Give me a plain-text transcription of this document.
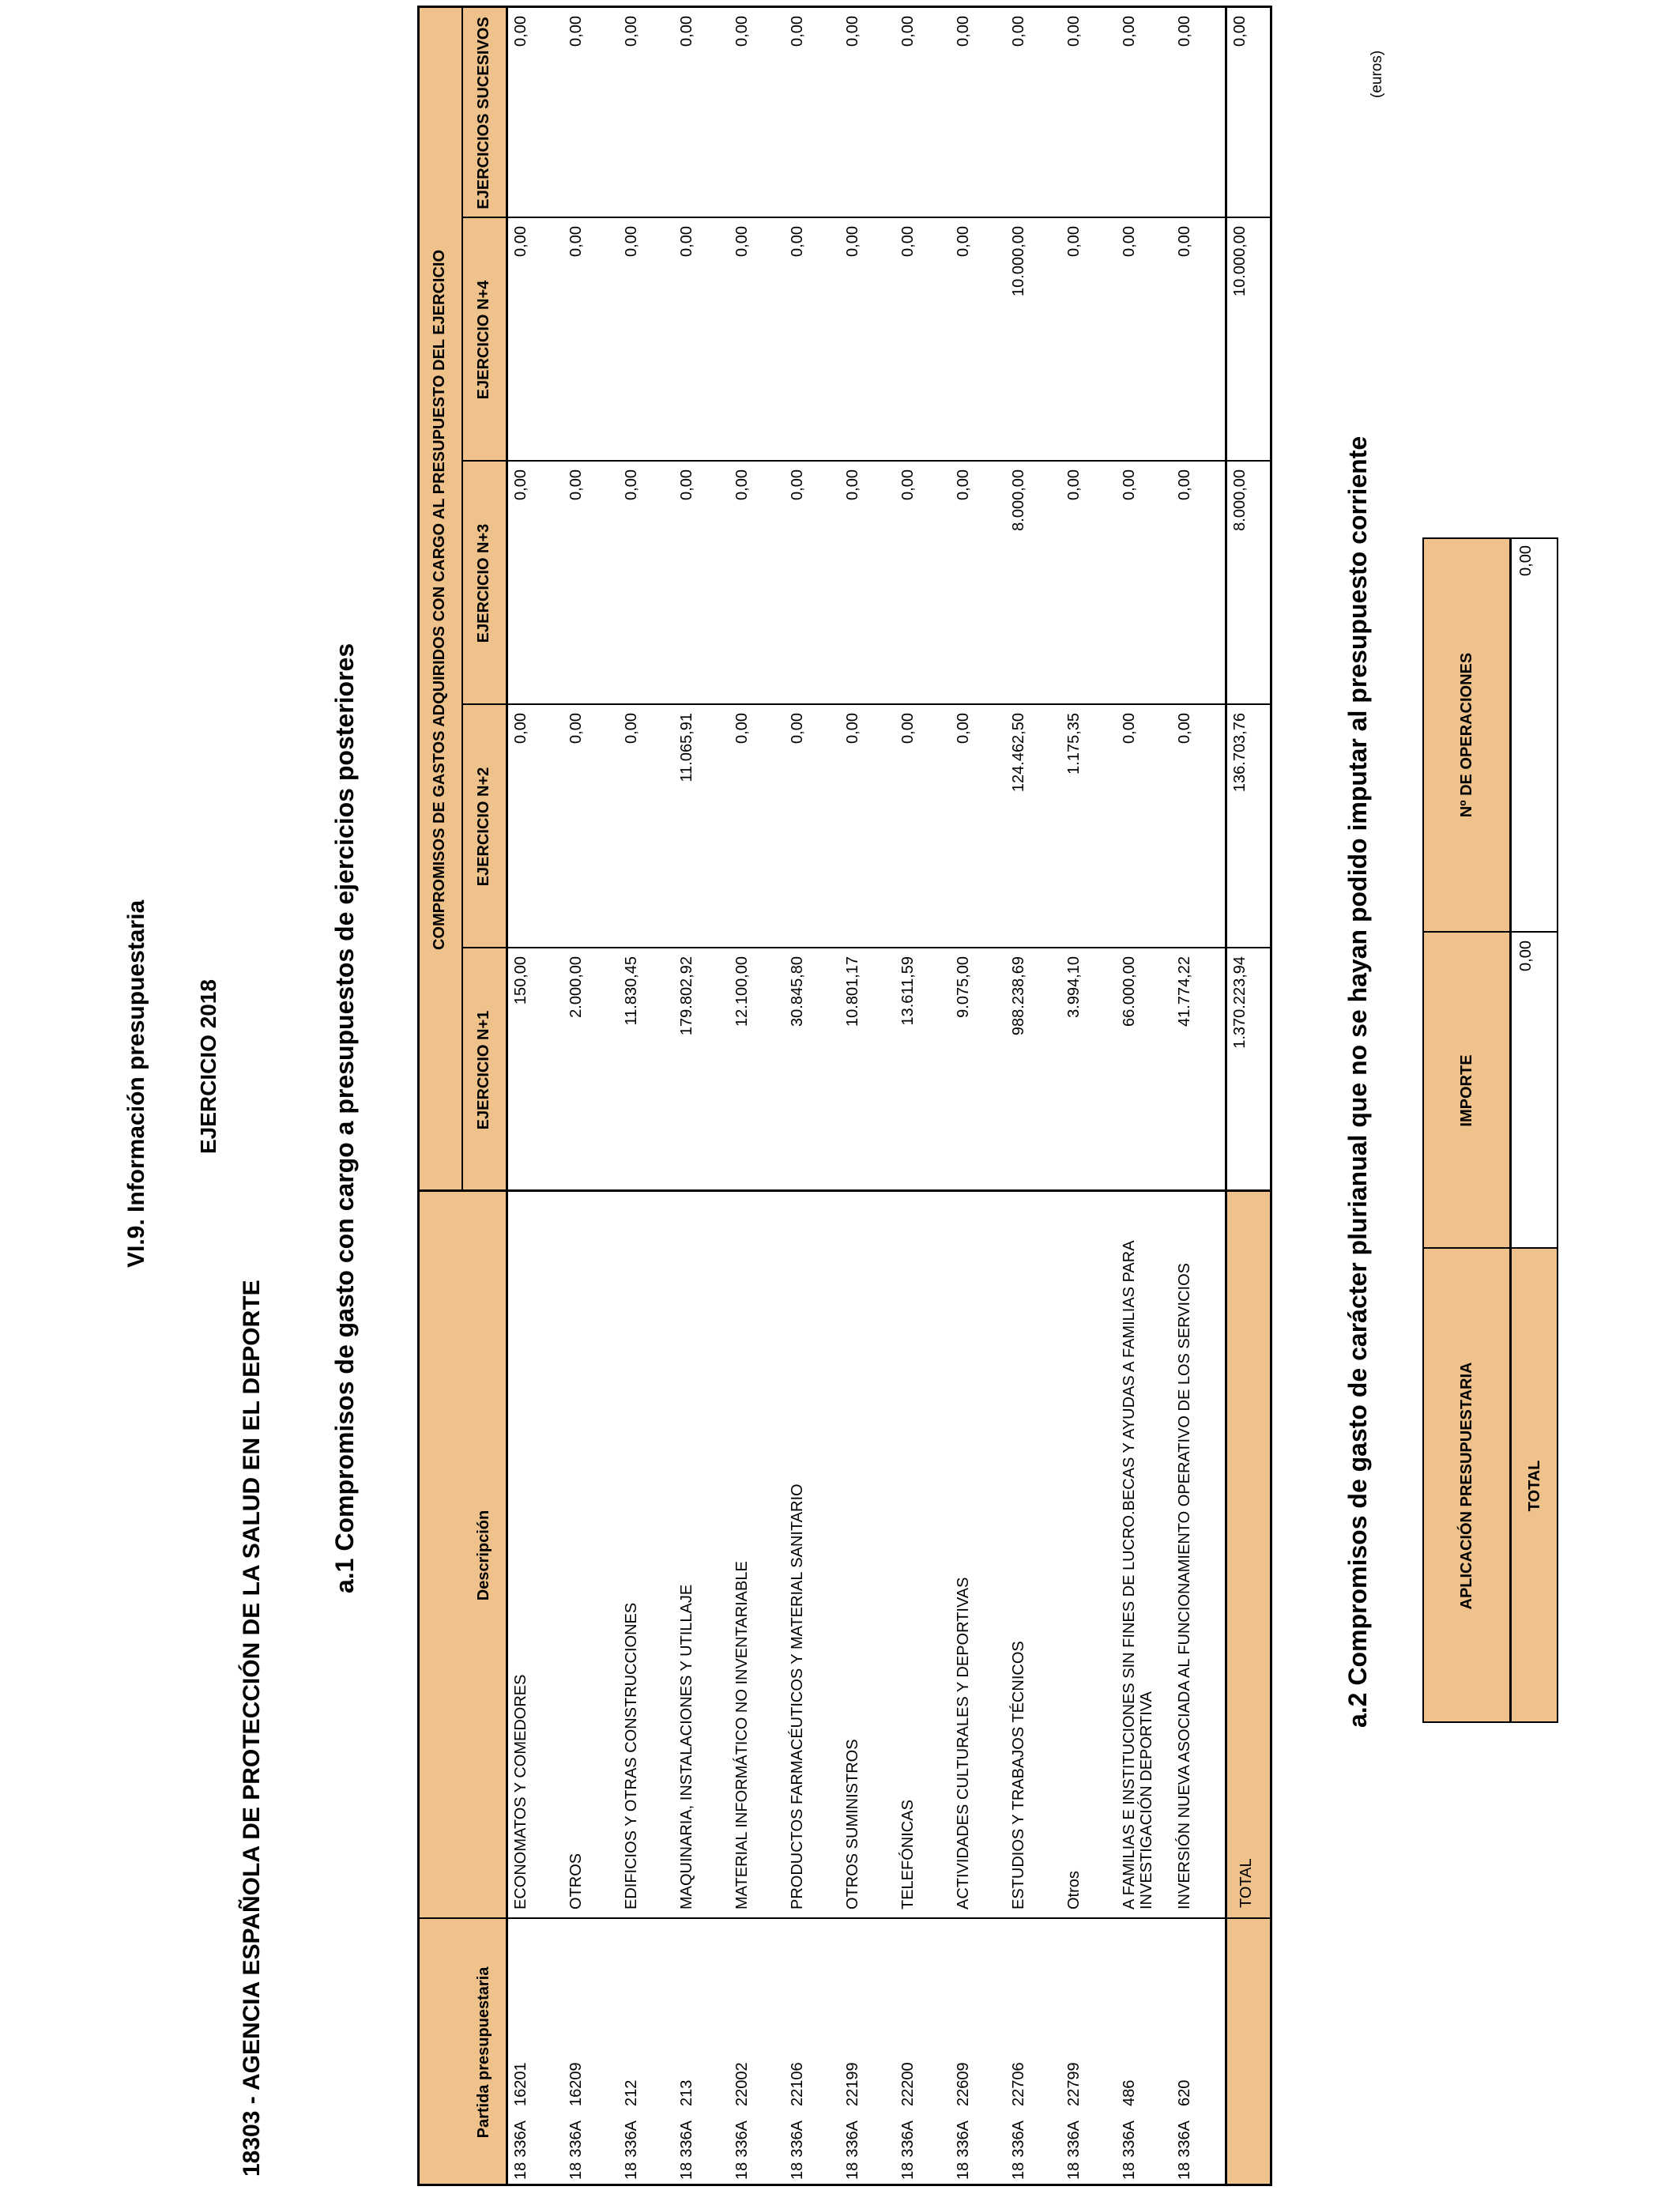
VI.9. Información presupuestaria EJERCICIO 2018
18303 - AGENCIA ESPAÑOLA DE PROTECCIÓN DE LA SALUD EN EL DEPORTE
(euros)
a.1 Compromisos de gasto con cargo a presupuestos de ejercicios posteriores
COMPROMISOS DE GASTOS ADQUIRIDOS CON CARGO AL PRESUPUESTO DEL EJERCICIO
Partida presupuestaria
Descripción
EJERCICIO N+1
EJERCICIO N+2
EJERCICIO N+3
EJERCICIO N+4
EJERCICIOS SUCESIVOS
18
336A
16201
ECONOMATOS Y COMEDORES
150,00
0,00
0,00
0,00
0,00
18
336A
16209
OTROS
2.000,00
0,00
0,00
0,00
0,00
18
336A
212
EDIFICIOS Y OTRAS CONSTRUCCIONES
11.830,45
0,00
0,00
0,00
0,00
18
336A
213
MAQUINARIA, INSTALACIONES Y UTILLAJE
179.802,92
11.065,91
0,00
0,00
0,00
18
336A
22002
MATERIAL INFORMÁTICO NO INVENTARIABLE
12.100,00
0,00
0,00
0,00
0,00
18
336A
22106
PRODUCTOS FARMACÉUTICOS Y MATERIAL SANITARIO
30.845,80
0,00
0,00
0,00
0,00
18
336A
22199
OTROS SUMINISTROS
10.801,17
0,00
0,00
0,00
0,00
18
336A
22200
TELEFÓNICAS
13.611,59
0,00
0,00
0,00
0,00
18
336A
22609
ACTIVIDADES CULTURALES Y DEPORTIVAS
9.075,00
0,00
0,00
0,00
0,00
18
336A
22706
ESTUDIOS Y TRABAJOS TÉCNICOS
988.238,69
124.462,50
8.000,00
10.000,00
0,00
18
336A
22799
Otros
3.994,10
1.175,35
0,00
0,00
0,00
18
336A
486
A FAMILIAS E INSTITUCIONES SIN FINES DE LUCRO.BECAS Y AYUDAS A FAMILIAS PARA INVESTIGACIÓN DEPORTIVA
66.000,00
0,00
0,00
0,00
0,00
18
336A
620
INVERSIÓN NUEVA ASOCIADA AL FUNCIONAMIENTO OPERATIVO DE LOS SERVICIOS
41.774,22
0,00
0,00
0,00
0,00
TOTAL
1.370.223,94
136.703,76
8.000,00
10.000,00
0,00
a.2 Compromisos de gasto de carácter plurianual que no se hayan podido imputar al presupuesto corriente	APLICACIÓN PRESUPUESTARIA
IMPORTE
Nº DE OPERACIONES
TOTAL
0,00
0,00
